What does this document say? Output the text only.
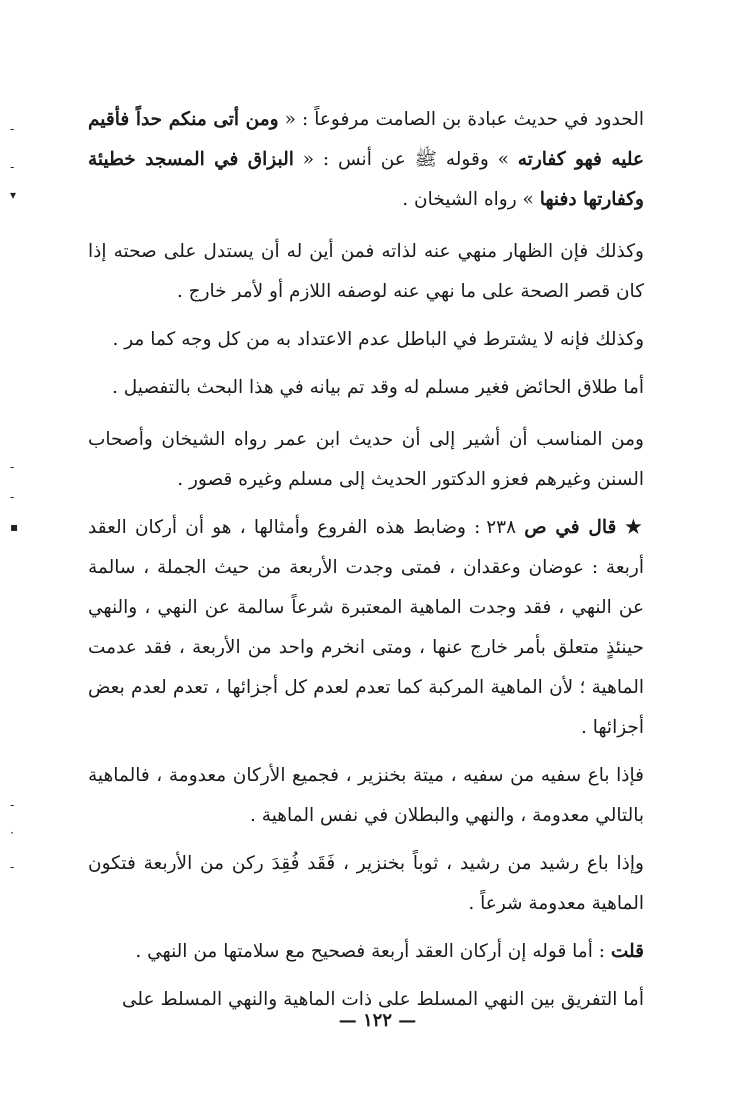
الحدود في حديث عبادة بن الصامت مرفوعاً : « ومن أتى منكم حداً فأقيم عليه فهو كفارته » وقوله ﷺ عن أنس : « البزاق في المسجد خطيئة وكفارتها دفنها » رواه الشيخان .

وكذلك فإن الظهار منهي عنه لذاته فمن أين له أن يستدل على صحته إذا كان قصر الصحة على ما نهي عنه لوصفه اللازم أو لأمر خارج .

وكذلك فإنه لا يشترط في الباطل عدم الاعتداد به من كل وجه كما مر .

أما طلاق الحائض فغير مسلم له وقد تم بيانه في هذا البحث بالتفصيل .

ومن المناسب أن أشير إلى أن حديث ابن عمر رواه الشيخان وأصحاب السنن وغيرهم فعزو الدكتور الحديث إلى مسلم وغيره قصور .

★ قال في ص ٢٣٨ : وضابط هذه الفروع وأمثالها ، هو أن أركان العقد أربعة : عوضان وعقدان ، فمتى وجدت الأربعة من حيث الجملة ، سالمة عن النهي ، فقد وجدت الماهية المعتبرة شرعاً سالمة عن النهي ، والنهي حينئذٍ متعلق بأمر خارج عنها ، ومتى انخرم واحد من الأربعة ، فقد عدمت الماهية ؛ لأن الماهية المركبة كما تعدم لعدم كل أجزائها ، تعدم لعدم بعض أجزائها .

فإذا باع سفيه من سفيه ، ميتة بخنزير ، فجميع الأركان معدومة ، فالماهية بالتالي معدومة ، والنهي والبطلان في نفس الماهية .

وإذا باع رشيد من رشيد ، ثوباً بخنزير ، فَقَد فُقِدَ ركن من الأربعة فتكون الماهية معدومة شرعاً .

قلت : أما قوله إن أركان العقد أربعة فصحيح مع سلامتها من النهي .

أما التفريق بين النهي المسلط على ذات الماهية والنهي المسلط على

— ١٢٢ —
-
-
▾
-
-
▪
-
·
-
